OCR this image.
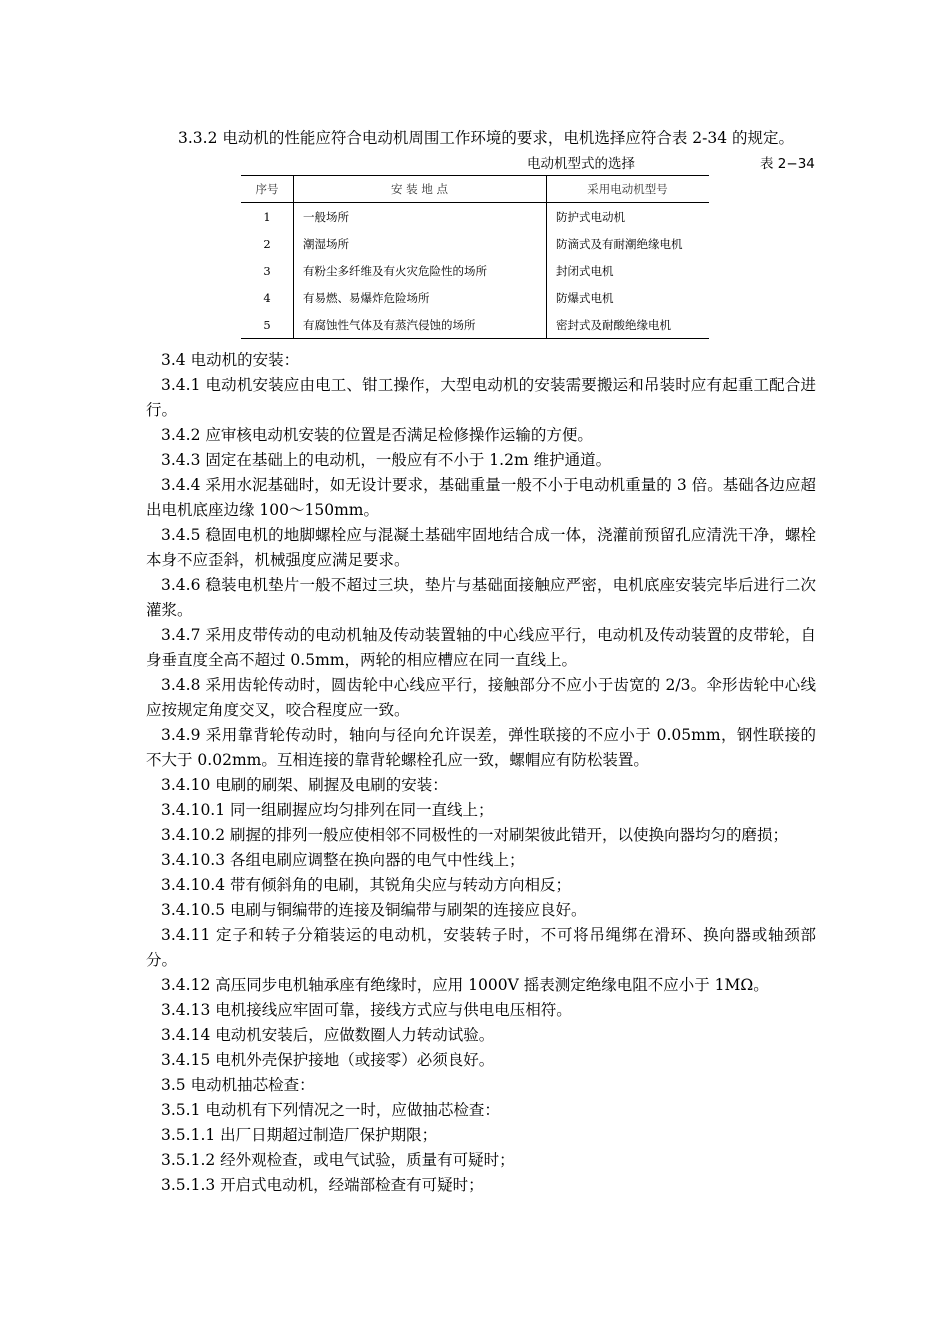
3.3.2 电动机的性能应符合电动机周围工作环境的要求，电机选择应符合表 2-34 的规定。
电动机型式的选择	表 2−34
序号	安 装 地 点	采用电动机型号
1	一般场所	防护式电动机
2	潮湿场所	防滴式及有耐潮绝缘电机
3	有粉尘多纤维及有火灾危险性的场所	封闭式电机
4	有易燃、易爆炸危险场所	防爆式电机
5	有腐蚀性气体及有蒸汽侵蚀的场所	密封式及耐酸绝缘电机

3.4 电动机的安装：

3.4.1 电动机安装应由电工、钳工操作，大型电动机的安装需要搬运和吊装时应有起重工配合进行。

3.4.2 应审核电动机安装的位置是否满足检修操作运输的方便。

3.4.3 固定在基础上的电动机，一般应有不小于 1.2m 维护通道。

3.4.4 采用水泥基础时，如无设计要求，基础重量一般不小于电动机重量的 3 倍。基础各边应超出电机底座边缘 100～150mm。

3.4.5 稳固电机的地脚螺栓应与混凝土基础牢固地结合成一体，浇灌前预留孔应清洗干净，螺栓本身不应歪斜，机械强度应满足要求。

3.4.6 稳装电机垫片一般不超过三块，垫片与基础面接触应严密，电机底座安装完毕后进行二次灌浆。

3.4.7 采用皮带传动的电动机轴及传动装置轴的中心线应平行，电动机及传动装置的皮带轮，自身垂直度全高不超过 0.5mm，两轮的相应槽应在同一直线上。

3.4.8 采用齿轮传动时，圆齿轮中心线应平行，接触部分不应小于齿宽的 2/3。伞形齿轮中心线应按规定角度交叉，咬合程度应一致。

3.4.9 采用靠背轮传动时，轴向与径向允许误差，弹性联接的不应小于 0.05mm，钢性联接的不大于 0.02mm。互相连接的靠背轮螺栓孔应一致，螺帽应有防松装置。

3.4.10 电刷的刷架、刷握及电刷的安装：

3.4.10.1 同一组刷握应均匀排列在同一直线上；

3.4.10.2 刷握的排列一般应使相邻不同极性的一对刷架彼此错开，以使换向器均匀的磨损；

3.4.10.3 各组电刷应调整在换向器的电气中性线上；

3.4.10.4 带有倾斜角的电刷，其锐角尖应与转动方向相反；

3.4.10.5 电刷与铜编带的连接及铜编带与刷架的连接应良好。

3.4.11 定子和转子分箱装运的电动机，安装转子时，不可将吊绳绑在滑环、换向器或轴颈部分。

3.4.12 高压同步电机轴承座有绝缘时，应用 1000V 摇表测定绝缘电阻不应小于 1MΩ。

3.4.13 电机接线应牢固可靠，接线方式应与供电电压相符。

3.4.14 电动机安装后，应做数圈人力转动试验。

3.4.15 电机外壳保护接地（或接零）必须良好。

3.5 电动机抽芯检查：

3.5.1 电动机有下列情况之一时，应做抽芯检查：

3.5.1.1 出厂日期超过制造厂保护期限；

3.5.1.2 经外观检查，或电气试验，质量有可疑时；

3.5.1.3 开启式电动机，经端部检查有可疑时；
